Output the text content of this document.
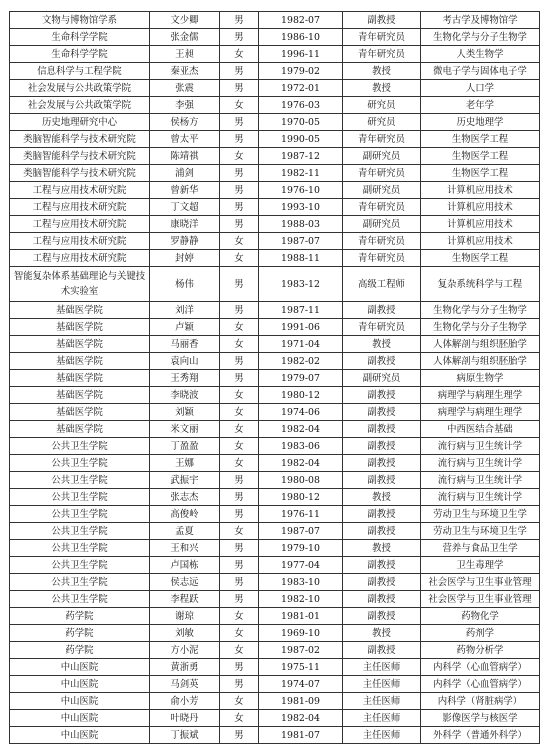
文物与博物馆学系	文少卿	男	1982-07	副教授	考古学及博物馆学
生命科学学院	张金儒	男	1986-10	青年研究员	生物化学与分子生物学
生命科学学院	王昶	女	1996-11	青年研究员	人类生物学
信息科学与工程学院	秦亚杰	男	1979-02	教授	微电子学与固体电子学
社会发展与公共政策学院	张震	男	1972-01	教授	人口学
社会发展与公共政策学院	李强	女	1976-03	研究员	老年学
历史地理研究中心	侯杨方	男	1970-05	研究员	历史地理学
类脑智能科学与技术研究院	曾太平	男	1990-05	青年研究员	生物医学工程
类脑智能科学与技术研究院	陈靖祺	女	1987-12	副研究员	生物医学工程
类脑智能科学与技术研究院	浦剑	男	1982-11	青年研究员	生物医学工程
工程与应用技术研究院	曾新华	男	1976-10	副研究员	计算机应用技术
工程与应用技术研究院	丁文超	男	1993-10	青年研究员	计算机应用技术
工程与应用技术研究院	康晓洋	男	1988-03	副研究员	计算机应用技术
工程与应用技术研究院	罗静静	女	1987-07	青年研究员	计算机应用技术
工程与应用技术研究院	封婷	女	1988-11	青年研究员	生物医学工程
智能复杂体系基础理论与关键技术实验室	杨伟	男	1983-12	高级工程师	复杂系统科学与工程
基础医学院	刘洋	男	1987-11	副教授	生物化学与分子生物学
基础医学院	卢颖	女	1991-06	青年研究员	生物化学与分子生物学
基础医学院	马丽香	女	1971-04	教授	人体解剖与组织胚胎学
基础医学院	袁向山	男	1982-02	副教授	人体解剖与组织胚胎学
基础医学院	王秀翔	男	1979-07	副研究员	病原生物学
基础医学院	李晓波	女	1980-12	副教授	病理学与病理生理学
基础医学院	刘颖	女	1974-06	副教授	病理学与病理生理学
基础医学院	米文丽	女	1982-04	副教授	中西医结合基础
公共卫生学院	丁盈盈	女	1983-06	副教授	流行病与卫生统计学
公共卫生学院	王娜	女	1982-04	副教授	流行病与卫生统计学
公共卫生学院	武振宇	男	1980-08	副教授	流行病与卫生统计学
公共卫生学院	张志杰	男	1980-12	教授	流行病与卫生统计学
公共卫生学院	高俊岭	男	1976-11	副教授	劳动卫生与环境卫生学
公共卫生学院	孟夏	女	1987-07	副教授	劳动卫生与环境卫生学
公共卫生学院	王和兴	男	1979-10	教授	营养与食品卫生学
公共卫生学院	卢国栋	男	1977-04	副教授	卫生毒理学
公共卫生学院	侯志远	男	1983-10	副教授	社会医学与卫生事业管理
公共卫生学院	李程跃	男	1982-10	副教授	社会医学与卫生事业管理
药学院	谢琼	女	1981-01	副教授	药物化学
药学院	刘敏	女	1969-10	教授	药剂学
药学院	方小泥	女	1987-02	副教授	药物分析学
中山医院	黄浙勇	男	1975-11	主任医师	内科学（心血管病学）
中山医院	马剑英	男	1974-07	主任医师	内科学（心血管病学）
中山医院	俞小芳	女	1981-09	主任医师	内科学（肾脏病学）
中山医院	叶晓丹	女	1982-04	主任医师	影像医学与核医学
中山医院	丁振斌	男	1981-07	主任医师	外科学（普通外科学）
